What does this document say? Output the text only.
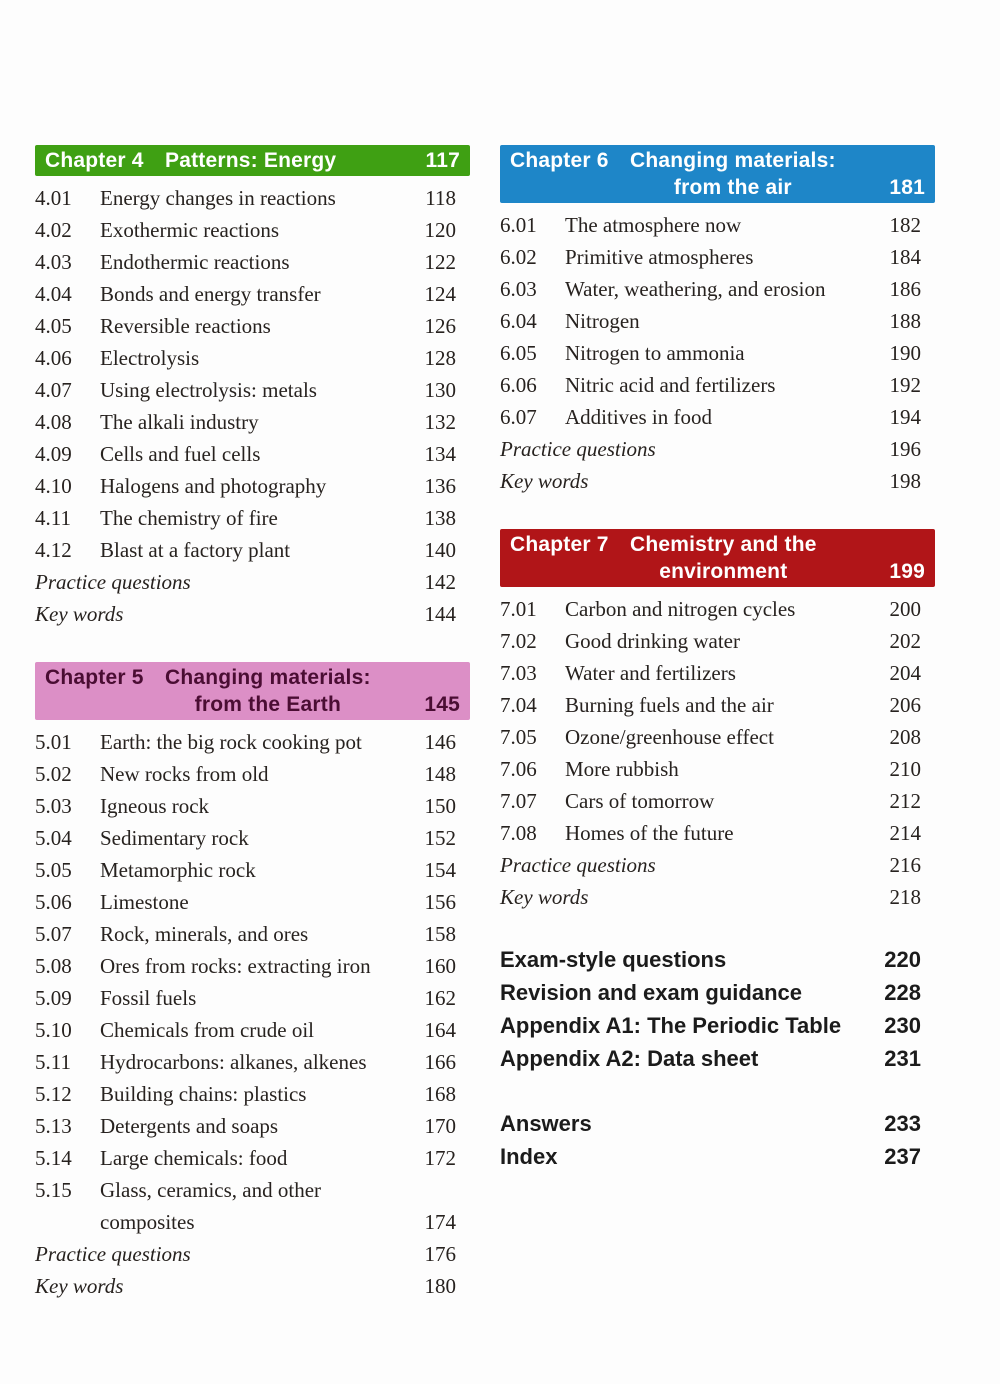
Chapter 4	Patterns: Energy	117
4.01	Energy changes in reactions	118
4.02	Exothermic reactions	120
4.03	Endothermic reactions	122
4.04	Bonds and energy transfer	124
4.05	Reversible reactions	126
4.06	Electrolysis	128
4.07	Using electrolysis: metals	130
4.08	The alkali industry	132
4.09	Cells and fuel cells	134
4.10	Halogens and photography	136
4.11	The chemistry of fire	138
4.12	Blast at a factory plant	140
Practice questions	142
Key words	144
Chapter 5	Changing materials:
from the Earth	145
5.01	Earth: the big rock cooking pot	146
5.02	New rocks from old	148
5.03	Igneous rock	150
5.04	Sedimentary rock	152
5.05	Metamorphic rock	154
5.06	Limestone	156
5.07	Rock, minerals, and ores	158
5.08	Ores from rocks: extracting iron	160
5.09	Fossil fuels	162
5.10	Chemicals from crude oil	164
5.11	Hydrocarbons: alkanes, alkenes	166
5.12	Building chains: plastics	168
5.13	Detergents and soaps	170
5.14	Large chemicals: food	172
5.15	Glass, ceramics, and other
composites	174
Practice questions	176
Key words	180
Chapter 6	Changing materials:
from the air	181
6.01	The atmosphere now	182
6.02	Primitive atmospheres	184
6.03	Water, weathering, and erosion	186
6.04	Nitrogen	188
6.05	Nitrogen to ammonia	190
6.06	Nitric acid and fertilizers	192
6.07	Additives in food	194
Practice questions	196
Key words	198
Chapter 7	Chemistry and the
environment	199
7.01	Carbon and nitrogen cycles	200
7.02	Good drinking water	202
7.03	Water and fertilizers	204
7.04	Burning fuels and the air	206
7.05	Ozone/greenhouse effect	208
7.06	More rubbish	210
7.07	Cars of tomorrow	212
7.08	Homes of the future	214
Practice questions	216
Key words	218
Exam-style questions	220
Revision and exam guidance	228
Appendix A1: The Periodic Table	230
Appendix A2: Data sheet	231
Answers	233
Index	237
